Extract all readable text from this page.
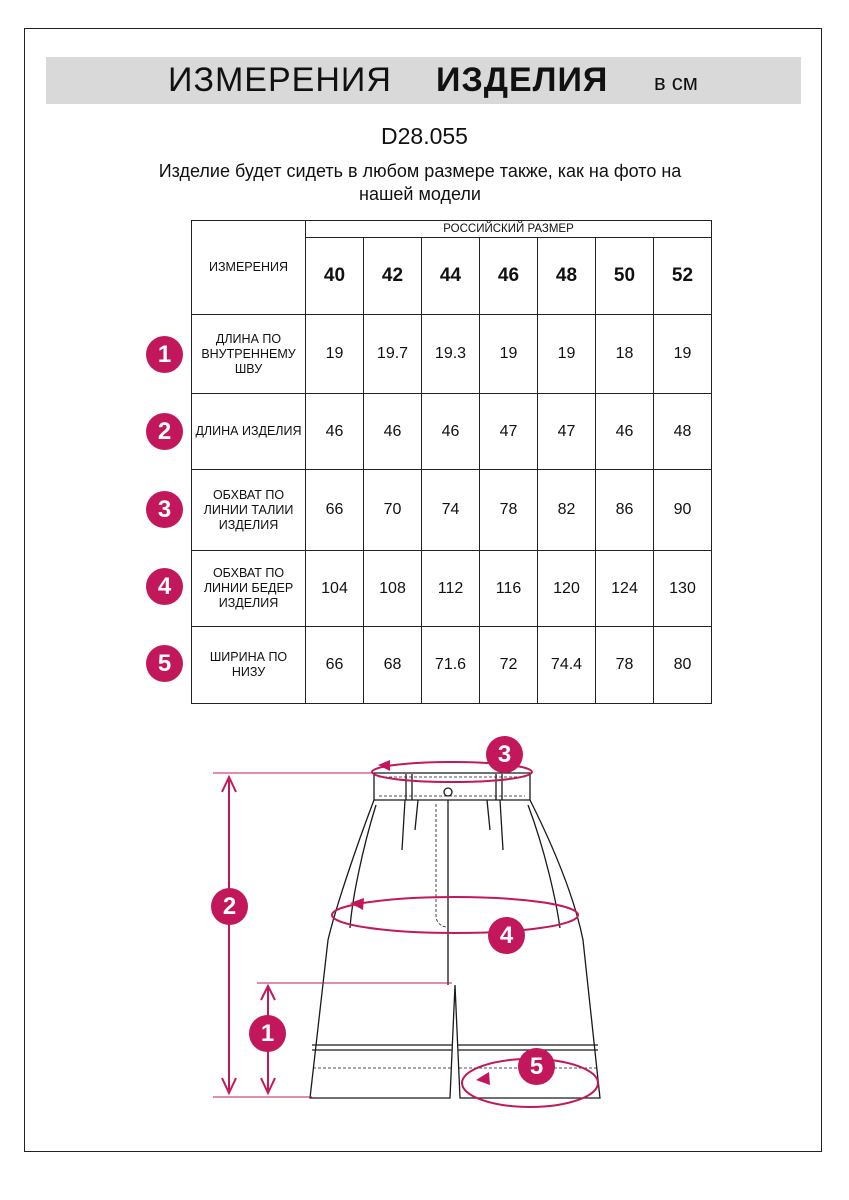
ИЗМЕРЕНИЯ ИЗДЕЛИЯ в см
D28.055
Изделие будет сидеть в любом размере также, как на фото на нашей модели
ИЗМЕРЕНИЯ	РОССИЙСКИЙ РАЗМЕР						
	40	42	44	46	48	50	52
ДЛИНА ПО ВНУТРЕННЕМУ ШВУ	19	19.7	19.3	19	19	18	19
ДЛИНА ИЗДЕЛИЯ	46	46	46	47	47	46	48
ОБХВАТ ПО ЛИНИИ ТАЛИИ ИЗДЕЛИЯ	66	70	74	78	82	86	90
ОБХВАТ ПО ЛИНИИ БЕДЕР ИЗДЕЛИЯ	104	108	112	116	120	124	130
ШИРИНА ПО НИЗУ	66	68	71.6	72	74.4	78	80
1
2
3
4
5
3
2
4
1
5
